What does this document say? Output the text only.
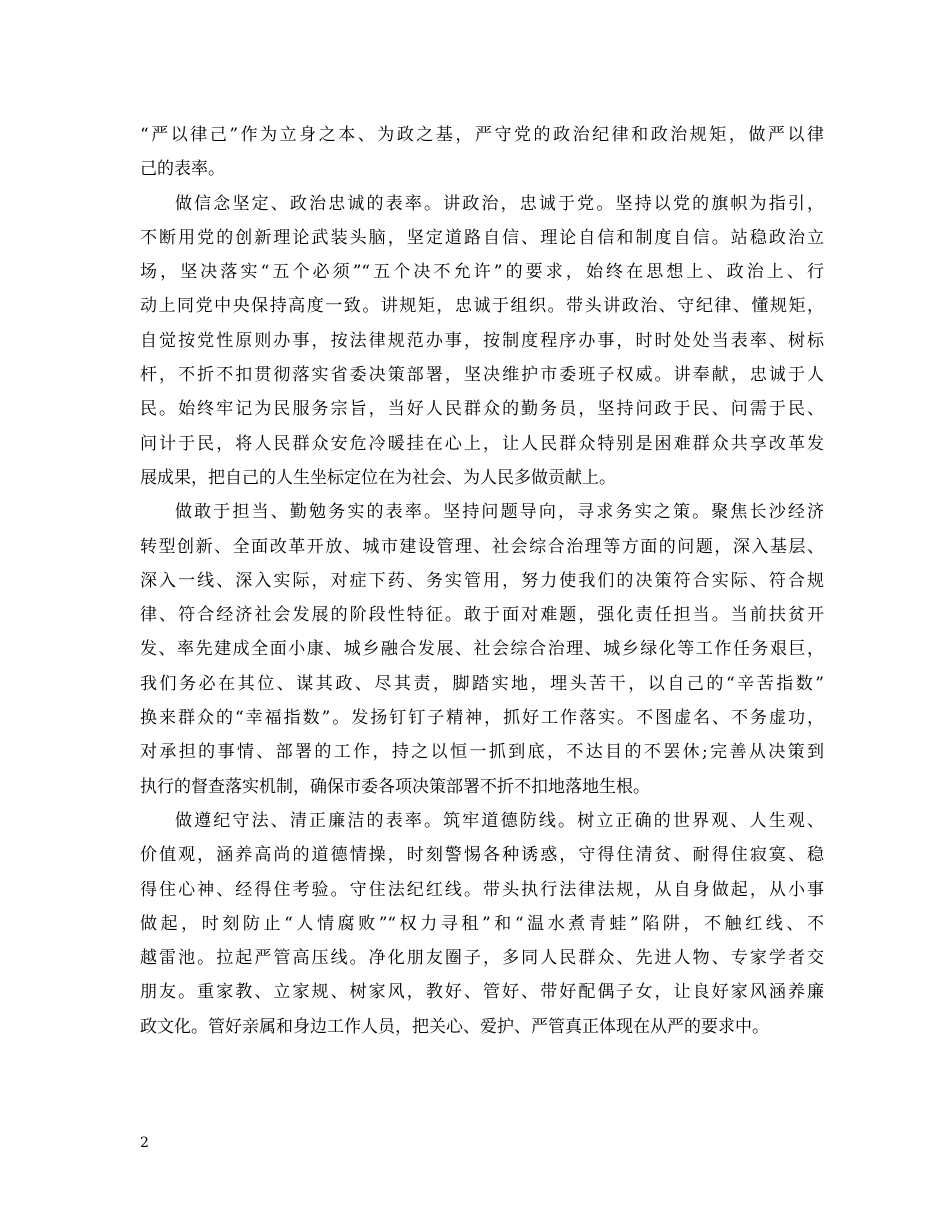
“严以律己”作为立身之本、为政之基，严守党的政治纪律和政治规矩，做严以律
己的表率。
做信念坚定、政治忠诚的表率。讲政治，忠诚于党。坚持以党的旗帜为指引，
不断用党的创新理论武装头脑，坚定道路自信、理论自信和制度自信。站稳政治立
场，坚决落实“五个必须”“五个决不允许”的要求，始终在思想上、政治上、行
动上同党中央保持高度一致。讲规矩，忠诚于组织。带头讲政治、守纪律、懂规矩，
自觉按党性原则办事，按法律规范办事，按制度程序办事，时时处处当表率、树标
杆，不折不扣贯彻落实省委决策部署，坚决维护市委班子权威。讲奉献，忠诚于人
民。始终牢记为民服务宗旨，当好人民群众的勤务员，坚持问政于民、问需于民、
问计于民，将人民群众安危冷暖挂在心上，让人民群众特别是困难群众共享改革发
展成果，把自己的人生坐标定位在为社会、为人民多做贡献上。
做敢于担当、勤勉务实的表率。坚持问题导向，寻求务实之策。聚焦长沙经济
转型创新、全面改革开放、城市建设管理、社会综合治理等方面的问题，深入基层、
深入一线、深入实际，对症下药、务实管用，努力使我们的决策符合实际、符合规
律、符合经济社会发展的阶段性特征。敢于面对难题，强化责任担当。当前扶贫开
发、率先建成全面小康、城乡融合发展、社会综合治理、城乡绿化等工作任务艰巨，
我们务必在其位、谋其政、尽其责，脚踏实地，埋头苦干，以自己的“辛苦指数”
换来群众的“幸福指数”。发扬钉钉子精神，抓好工作落实。不图虚名、不务虚功，
对承担的事情、部署的工作，持之以恒一抓到底，不达目的不罢休;完善从决策到
执行的督查落实机制，确保市委各项决策部署不折不扣地落地生根。
做遵纪守法、清正廉洁的表率。筑牢道德防线。树立正确的世界观、人生观、
价值观，涵养高尚的道德情操，时刻警惕各种诱惑，守得住清贫、耐得住寂寞、稳
得住心神、经得住考验。守住法纪红线。带头执行法律法规，从自身做起，从小事
做起，时刻防止“人情腐败”“权力寻租”和“温水煮青蛙”陷阱，不触红线、不
越雷池。拉起严管高压线。净化朋友圈子，多同人民群众、先进人物、专家学者交
朋友。重家教、立家规、树家风，教好、管好、带好配偶子女，让良好家风涵养廉
政文化。管好亲属和身边工作人员，把关心、爱护、严管真正体现在从严的要求中。
2
